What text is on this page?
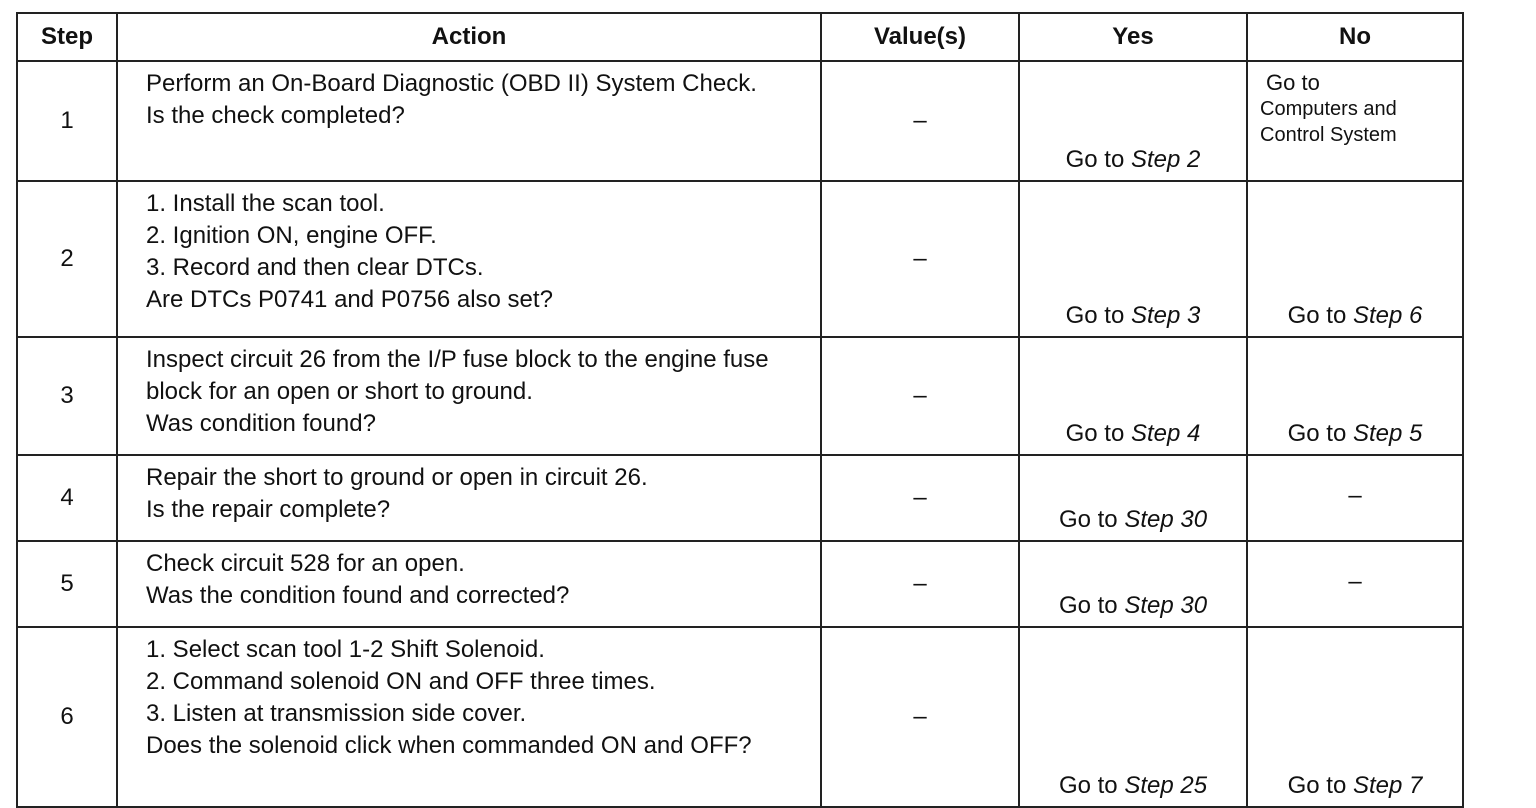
Step	Action	Value(s)	Yes	No
1	Perform an On-Board Diagnostic (OBD II) System Check.
Is the check completed?	–	Go to Step 2	Go to
Computers and
Control System

2	1. Install the scan tool.
2. Ignition ON, engine OFF.
3. Record and then clear DTCs.
Are DTCs P0741 and P0756 also set?	–	Go to Step 3	Go to Step 6
3	Inspect circuit 26 from the I/P fuse block to the engine fuse block for an open or short to ground.
Was condition found?	–	Go to Step 4	Go to Step 5
4	Repair the short to ground or open in circuit 26.
Is the repair complete?	–	Go to Step 30	–
5	Check circuit 528 for an open.
Was the condition found and corrected?	–	Go to Step 30	–
6	1. Select scan tool 1-2 Shift Solenoid.
2. Command solenoid ON and OFF three times.
3. Listen at transmission side cover.
Does the solenoid click when commanded ON and OFF?	–	Go to Step 25	Go to Step 7
